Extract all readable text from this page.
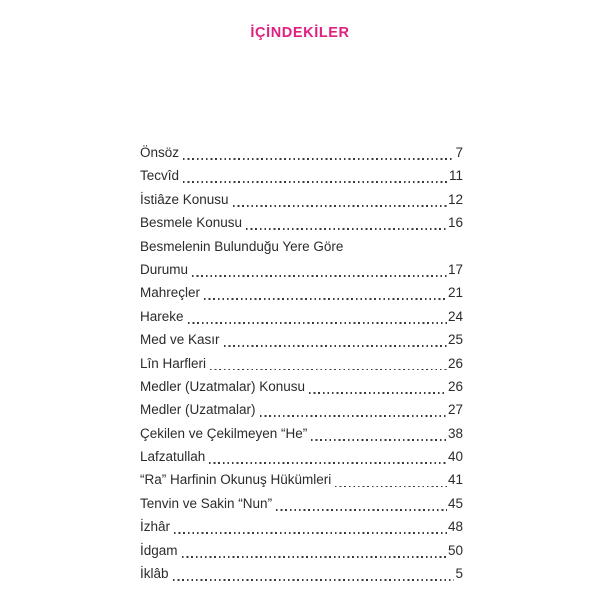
İÇİNDEKİLER
Önsöz	7
Tecvîd	11
İstiâze Konusu	12
Besmele Konusu	16
Besmelenin Bulunduğu Yere Göre
Durumu	17
Mahreçler	21
Hareke	24
Med ve Kasır	25
Lîn Harfleri	26
Medler (Uzatmalar) Konusu	26
Medler (Uzatmalar)	27
Çekilen ve Çekilmeyen “He”	38
Lafzatullah	40
“Ra” Harfinin Okunuş Hükümleri	41
Tenvin ve Sakin “Nun”	45
İzhâr	48
İdgam	50
İklâb	5
